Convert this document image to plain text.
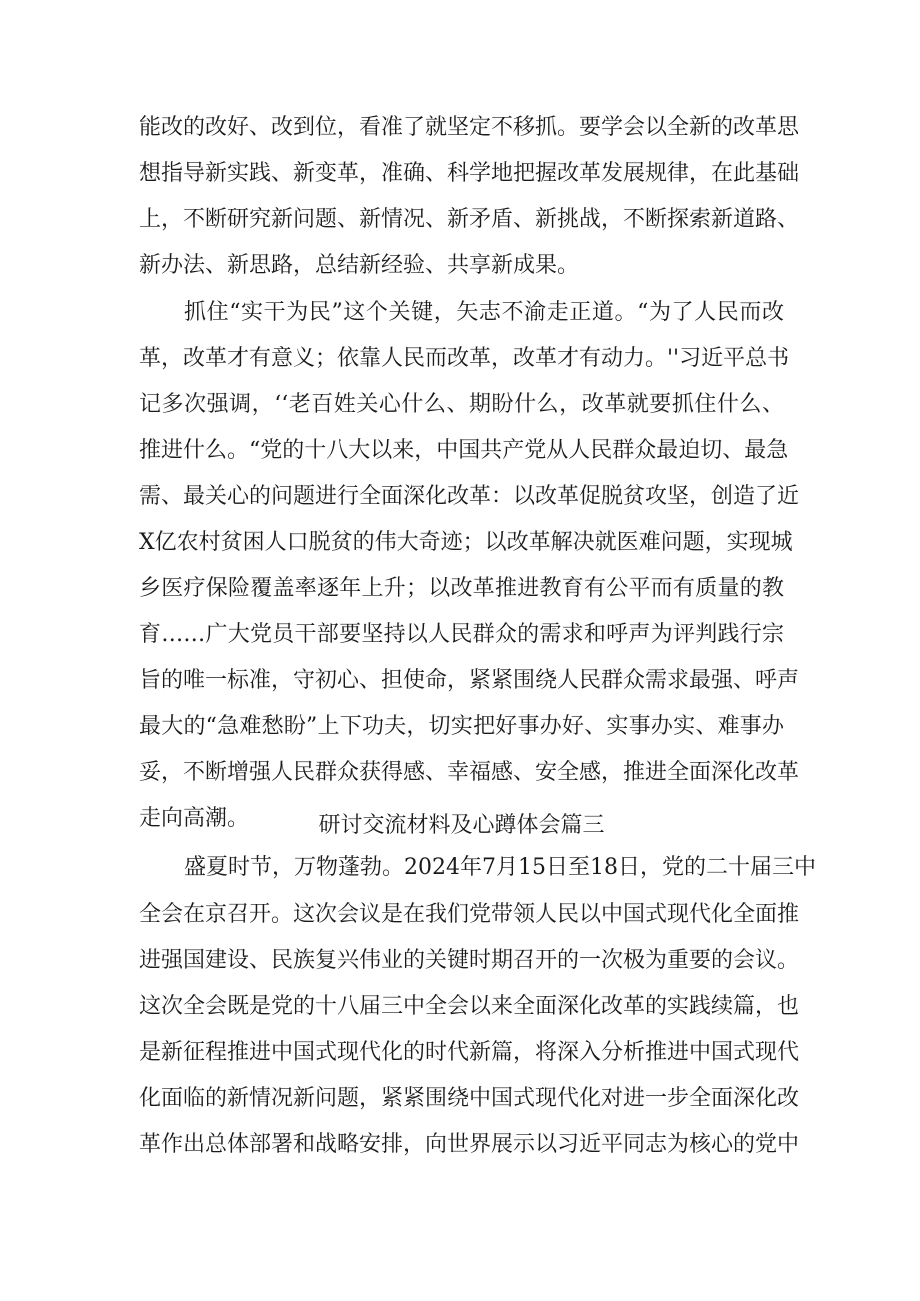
能改的改好、改到位，看准了就坚定不移抓。要学会以全新的改革思
想指导新实践、新变革，准确、科学地把握改革发展规律，在此基础
上，不断研究新问题、新情况、新矛盾、新挑战，不断探索新道路、
新办法、新思路，总结新经验、共享新成果。
抓住“实干为民”这个关键，矢志不渝走正道。“为了人民而改
革，改革才有意义；依靠人民而改革，改革才有动力。''习近平总书
记多次强调，‘‘老百姓关心什么、期盼什么，改革就要抓住什么、
推进什么。“党的十八大以来，中国共产党从人民群众最迫切、最急
需、最关心的问题进行全面深化改革：以改革促脱贫攻坚，创造了近
X亿农村贫困人口脱贫的伟大奇迹；以改革解决就医难问题，实现城
乡医疗保险覆盖率逐年上升；以改革推进教育有公平而有质量的教
育……广大党员干部要坚持以人民群众的需求和呼声为评判践行宗
旨的唯一标准，守初心、担使命，紧紧围绕人民群众需求最强、呼声
最大的“急难愁盼”上下功夫，切实把好事办好、实事办实、难事办
妥，不断增强人民群众获得感、幸福感、安全感，推进全面深化改革
走向高潮。	研讨交流材料及心蹲体会篇三
盛夏时节，万物蓬勃。2024年7月15日至18日，党的二十届三中
全会在京召开。这次会议是在我们党带领人民以中国式现代化全面推
进强国建设、民族复兴伟业的关键时期召开的一次极为重要的会议。
这次全会既是党的十八届三中全会以来全面深化改革的实践续篇，也
是新征程推进中国式现代化的时代新篇，将深入分析推进中国式现代
化面临的新情况新问题，紧紧围绕中国式现代化对进一步全面深化改
革作出总体部署和战略安排，向世界展示以习近平同志为核心的党中
